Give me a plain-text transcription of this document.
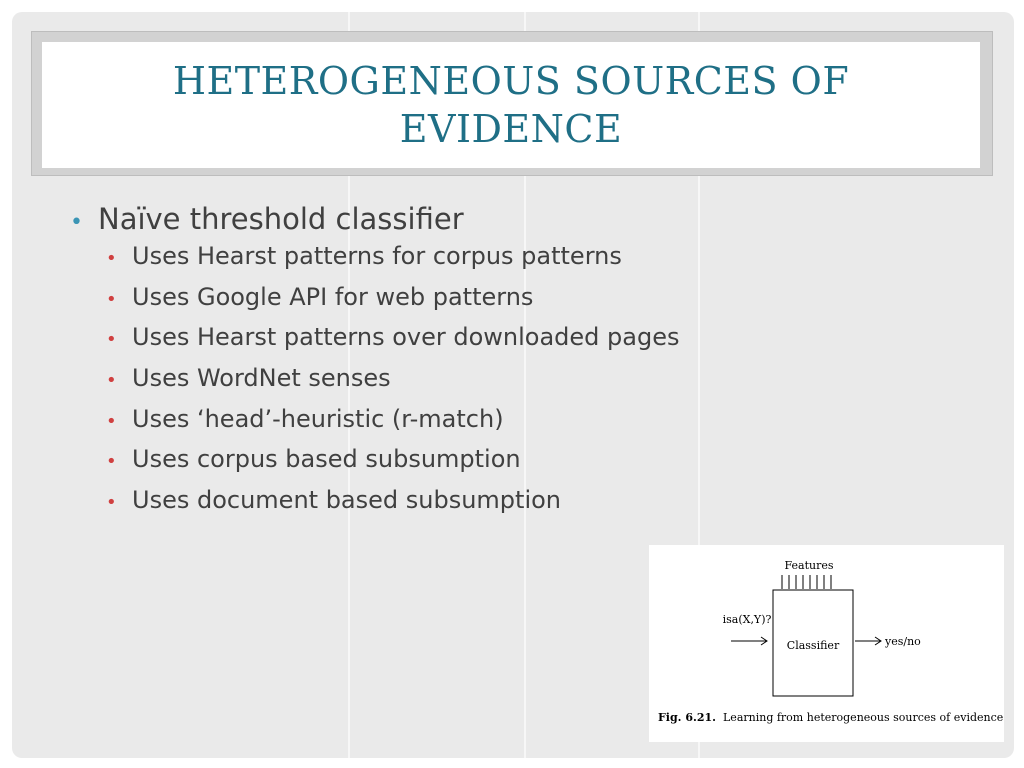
HETEROGENEOUS SOURCES OF EVIDENCE
• Naïve threshold classifier
• Uses Hearst patterns for corpus patterns
• Uses Google API for web patterns
• Uses Hearst patterns over downloaded pages
• Uses WordNet senses
• Uses ‘head’-heuristic (r-match)
• Uses corpus based subsumption
• Uses document based subsumption
Features
Classifier
isa(X,Y)?
yes/no
Fig. 6.21. Learning from heterogeneous sources of evidence
